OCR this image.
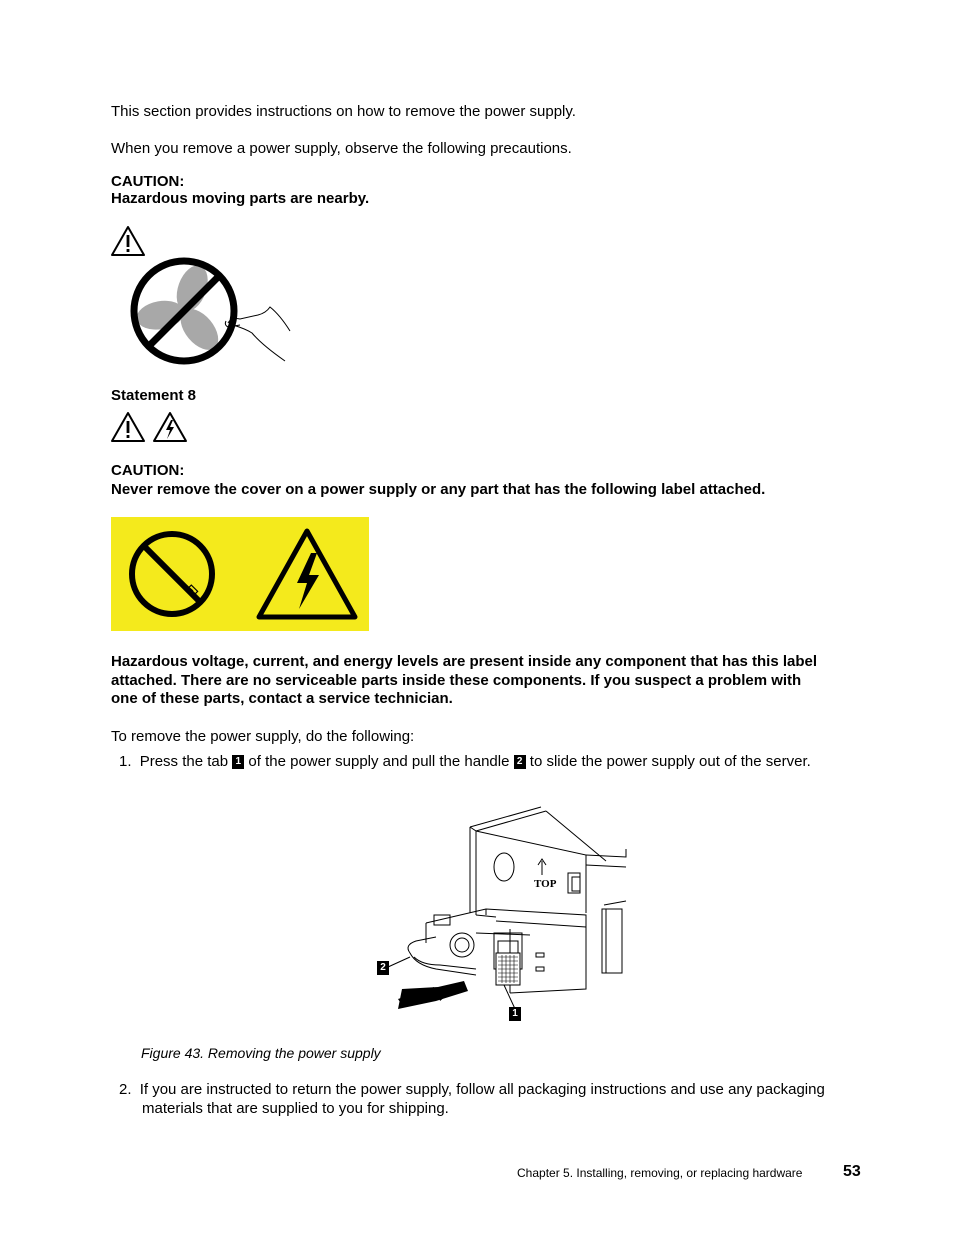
This section provides instructions on how to remove the power supply.

When you remove a power supply, observe the following precautions.

CAUTION:

Hazardous moving parts are nearby.

Statement 8

CAUTION:

Never remove the cover on a power supply or any part that has the following label attached.

Hazardous voltage, current, and energy levels are present inside any component that has this label

attached. There are no serviceable parts inside these components. If you suspect a problem with

one of these parts, contact a service technician.

To remove the power supply, do the following:

1. Press the tab 1 of the power supply and pull the handle 2 to slide the power supply out of the server.
TOP
2
1

Figure 43. Removing the power supply

2. If you are instructed to return the power supply, follow all packaging instructions and use any packaging

materials that are supplied to you for shipping.

Chapter 5. Installing, removing, or replacing hardware	53
